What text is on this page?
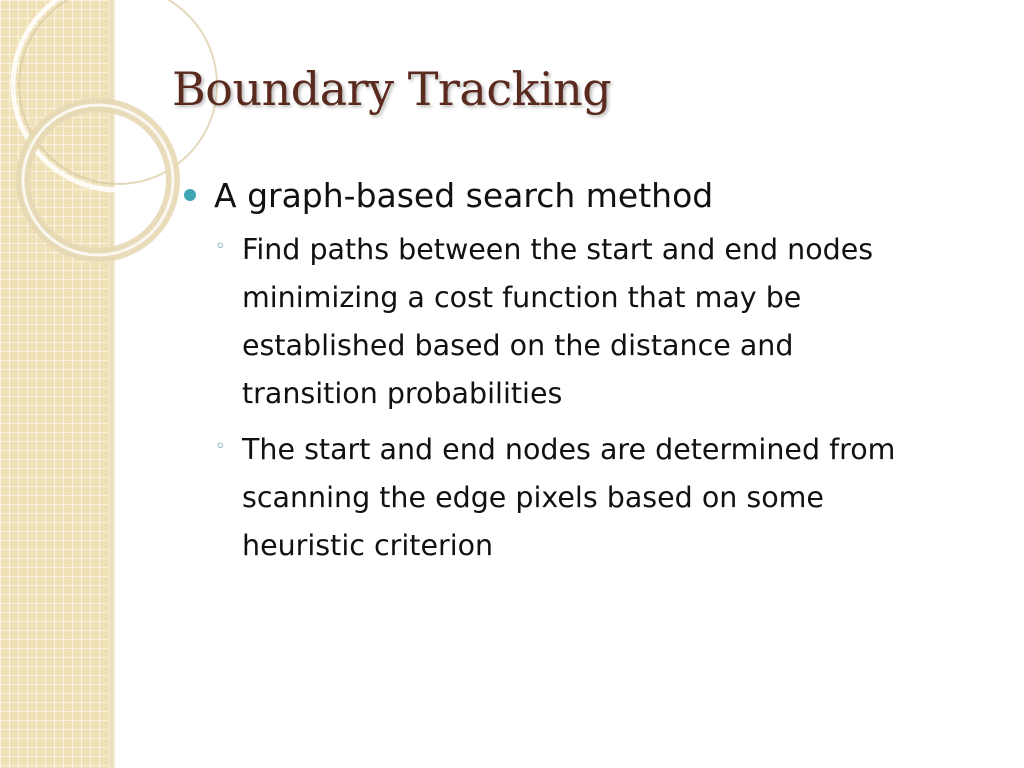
Boundary Tracking
A graph-based search method
◦ Find paths between the start and end nodes
minimizing a cost function that may be
established based on the distance and
transition probabilities
◦ The start and end nodes are determined from
scanning the edge pixels based on some
heuristic criterion
